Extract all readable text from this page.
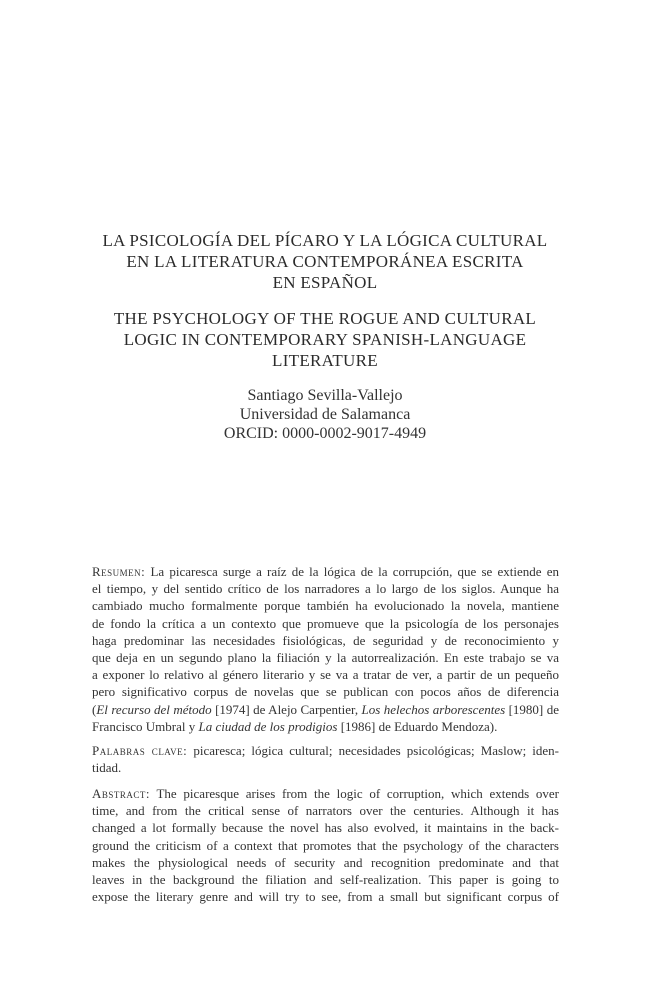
LA PSICOLOGÍA DEL PÍCARO Y LA LÓGICA CULTURAL
EN LA LITERATURA CONTEMPORÁNEA ESCRITA
EN ESPAÑOL
THE PSYCHOLOGY OF THE ROGUE AND CULTURAL
LOGIC IN CONTEMPORARY SPANISH-LANGUAGE
LITERATURE
Santiago Sevilla-Vallejo
Universidad de Salamanca
ORCID: 0000-0002-9017-4949
Resumen: La picaresca surge a raíz de la lógica de la corrupción, que se extiende en
el tiempo, y del sentido crítico de los narradores a lo largo de los siglos. Aunque ha
cambiado mucho formalmente porque también ha evolucionado la novela, mantiene
de fondo la crítica a un contexto que promueve que la psicología de los personajes
haga predominar las necesidades fisiológicas, de seguridad y de reconocimiento y
que deja en un segundo plano la filiación y la autorrealización. En este trabajo se va
a exponer lo relativo al género literario y se va a tratar de ver, a partir de un pequeño
pero significativo corpus de novelas que se publican con pocos años de diferencia
(El recurso del método [1974] de Alejo Carpentier, Los helechos arborescentes [1980] de
Francisco Umbral y La ciudad de los prodigios [1986] de Eduardo Mendoza).
Palabras clave: picaresca; lógica cultural; necesidades psicológicas; Maslow; iden-
tidad.
Abstract: The picaresque arises from the logic of corruption, which extends over
time, and from the critical sense of narrators over the centuries. Although it has
changed a lot formally because the novel has also evolved, it maintains in the back-
ground the criticism of a context that promotes that the psychology of the characters
makes the physiological needs of security and recognition predominate and that
leaves in the background the filiation and self-realization. This paper is going to
expose the literary genre and will try to see, from a small but significant corpus of
